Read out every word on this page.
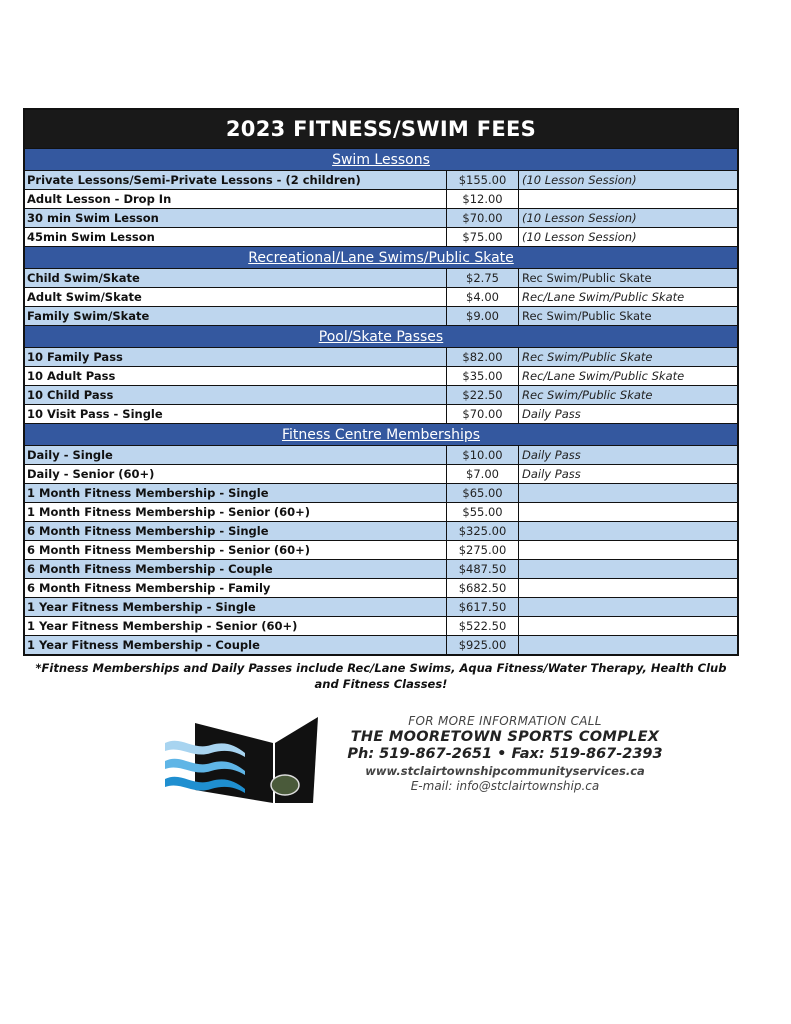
2023 FITNESS/SWIM FEES
Swim Lessons
Private Lessons/Semi-Private Lessons - (2 children)	$155.00	(10 Lesson Session)
Adult Lesson - Drop In	$12.00
30 min Swim Lesson	$70.00	(10 Lesson Session)
45min Swim Lesson	$75.00	(10 Lesson Session)
Recreational/Lane Swims/Public Skate
Child Swim/Skate	$2.75	Rec Swim/Public Skate
Adult Swim/Skate	$4.00	Rec/Lane Swim/Public Skate
Family Swim/Skate	$9.00	Rec Swim/Public Skate
Pool/Skate Passes
10 Family Pass	$82.00	Rec Swim/Public Skate
10 Adult Pass	$35.00	Rec/Lane Swim/Public Skate
10 Child Pass	$22.50	Rec Swim/Public Skate
10 Visit Pass - Single	$70.00	Daily Pass
Fitness Centre Memberships
Daily - Single	$10.00	Daily Pass
Daily - Senior (60+)	$7.00	Daily Pass
1 Month Fitness Membership - Single	$65.00
1 Month Fitness Membership - Senior (60+)	$55.00
6 Month Fitness Membership - Single	$325.00
6 Month Fitness Membership - Senior (60+)	$275.00
6 Month Fitness Membership - Couple	$487.50
6 Month Fitness Membership - Family	$682.50
1 Year Fitness Membership - Single	$617.50
1 Year Fitness Membership - Senior (60+)	$522.50
1 Year Fitness Membership - Couple	$925.00
*Fitness Memberships and Daily Passes include Rec/Lane Swims, Aqua Fitness/Water Therapy, Health Club and Fitness Classes!
FOR MORE INFORMATION CALL
THE MOORETOWN SPORTS COMPLEX
Ph: 519-867-2651 • Fax: 519-867-2393
www.stclairtownshipcommunityservices.ca
E-mail: info@stclairtownship.ca
